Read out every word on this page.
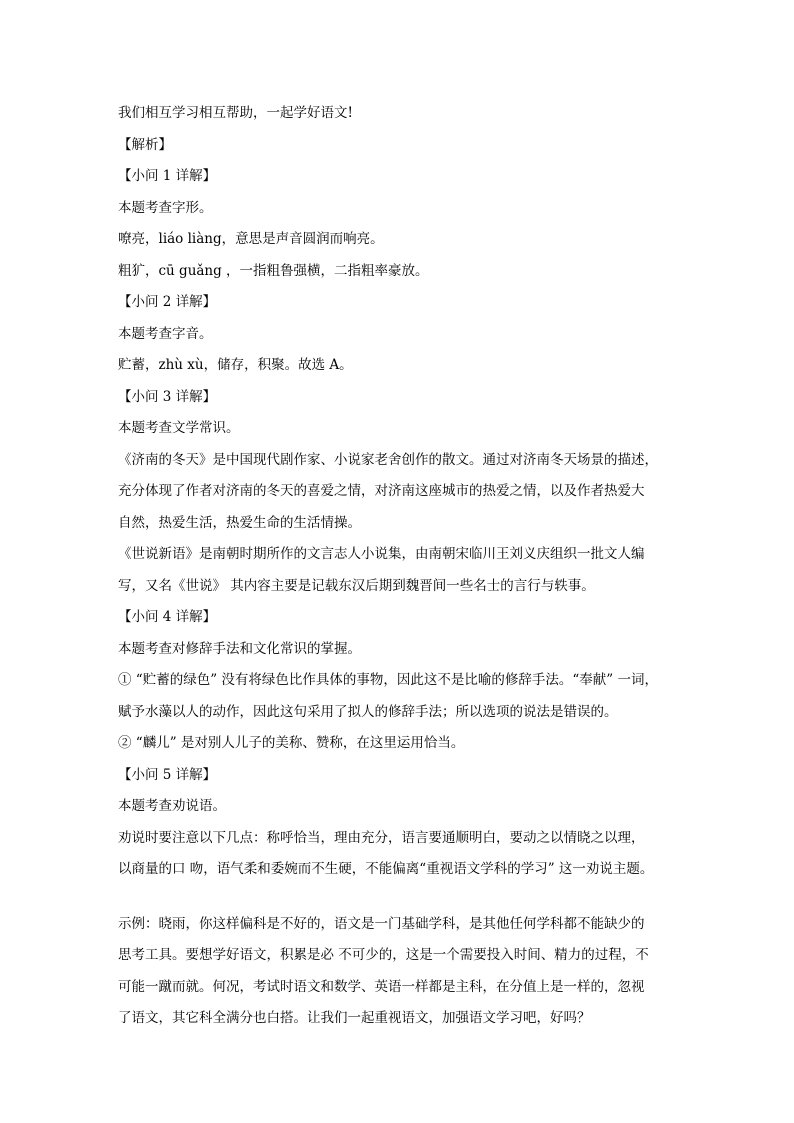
我们相互学习相互帮助，一起学好语文!
【解析】
【小问 1 详解】
本题考查字形。
嘹亮，liáo liàng，意思是声音圆润而响亮。
粗犷，cū guǎng ，一指粗鲁强横，二指粗率豪放。
【小问 2 详解】
本题考查字音。
贮蓄，zhù xù，储存，积聚。故选 A。
【小问 3 详解】
本题考查文学常识。
《济南的冬天》是中国现代剧作家、小说家老舍创作的散文。通过对济南冬天场景的描述，
充分体现了作者对济南的冬天的喜爱之情，对济南这座城市的热爱之情，以及作者热爱大
自然，热爱生活，热爱生命的生活情操。
《世说新语》是南朝时期所作的文言志人小说集，由南朝宋临川王刘义庆组织一批文人编
写，又名《世说》 其内容主要是记载东汉后期到魏晋间一些名士的言行与轶事。
【小问 4 详解】
本题考查对修辞手法和文化常识的掌握。
① “贮蓄的绿色” 没有将绿色比作具体的事物，因此这不是比喻的修辞手法。“奉献” 一词，
赋予水藻以人的动作，因此这句采用了拟人的修辞手法；所以选项的说法是错误的。
② “麟儿” 是对别人儿子的美称、赞称，在这里运用恰当。
【小问 5 详解】
本题考查劝说语。
劝说时要注意以下几点：称呼恰当，理由充分，语言要通顺明白，要动之以情晓之以理，
以商量的口 吻，语气柔和委婉而不生硬，不能偏离“重视语文学科的学习” 这一劝说主题。
示例：晓雨，你这样偏科是不好的，语文是一门基础学科，是其他任何学科都不能缺少的
思考工具。要想学好语文，积累是必 不可少的，这是一个需要投入时间、精力的过程，不
可能一蹴而就。何况，考试时语文和数学、英语一样都是主科，在分值上是一样的，忽视
了语文，其它科全满分也白搭。让我们一起重视语文，加强语文学习吧，好吗？
